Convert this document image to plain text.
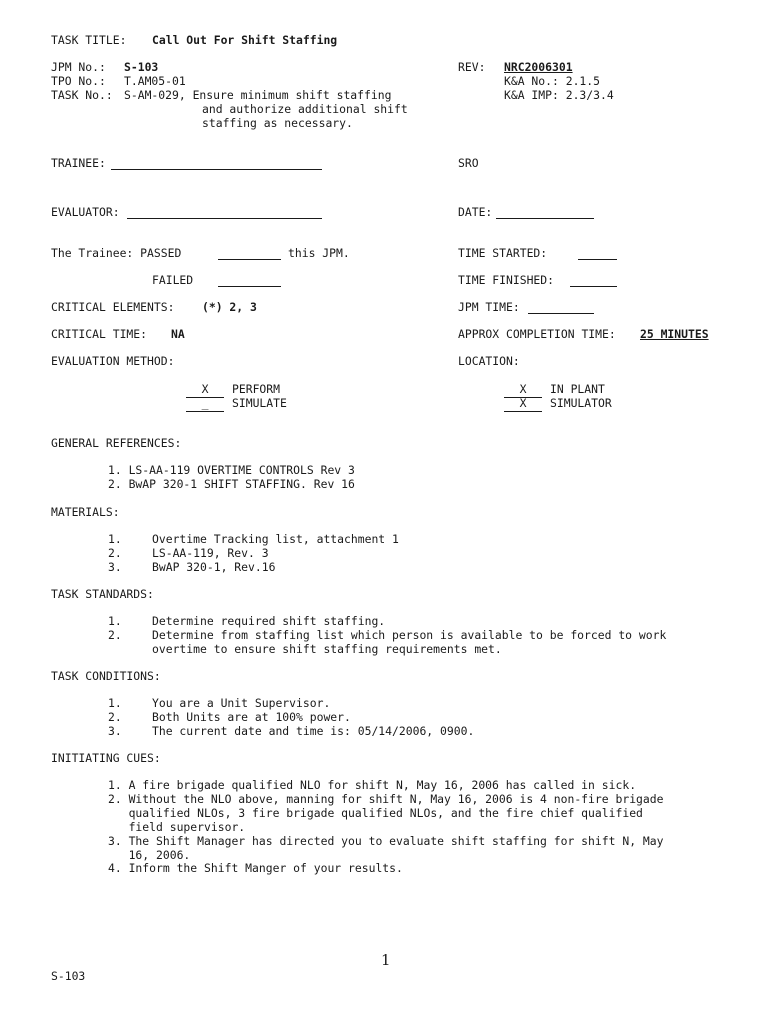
TASK TITLE: Call Out For Shift Staffing
JPM No.: S-103
TPO No.: T.AM05-01
TASK No.: S-AM-029, Ensure minimum shift staffing
and authorize additional shift
staffing as necessary.
REV: NRC2006301
K&A No.: 2.1.5
K&A IMP: 2.3/3.4
TRAINEE:	SRO
EVALUATOR:	DATE:
The Trainee: PASSED	this JPM.	TIME STARTED:
FAILED	TIME FINISHED:
CRITICAL ELEMENTS: (*) 2, 3	JPM TIME:
CRITICAL TIME: NA	APPROX COMPLETION TIME: 25 MINUTES
EVALUATION METHOD:	LOCATION:
X	PERFORM
_	SIMULATE
X	IN PLANT
X	SIMULATOR
GENERAL REFERENCES:
1. LS-AA-119 OVERTIME CONTROLS Rev 3
2. BwAP 320-1 SHIFT STAFFING. Rev 16
MATERIALS:
1.	Overtime Tracking list, attachment 1
2.	LS-AA-119, Rev. 3
3.	BwAP 320-1, Rev.16
TASK STANDARDS:
1.	Determine required shift staffing.
2.	Determine from staffing list which person is available to be forced to work
overtime to ensure shift staffing requirements met.
TASK CONDITIONS:
1.	You are a Unit Supervisor.
2.	Both Units are at 100% power.
3.	The current date and time is: 05/14/2006, 0900.
INITIATING CUES:
1. A fire brigade qualified NLO for shift N, May 16, 2006 has called in sick.
2. Without the NLO above, manning for shift N, May 16, 2006 is 4 non-fire brigade
qualified NLOs, 3 fire brigade qualified NLOs, and the fire chief qualified
field supervisor.
3. The Shift Manager has directed you to evaluate shift staffing for shift N, May
16, 2006.
4. Inform the Shift Manger of your results.
1
S-103
